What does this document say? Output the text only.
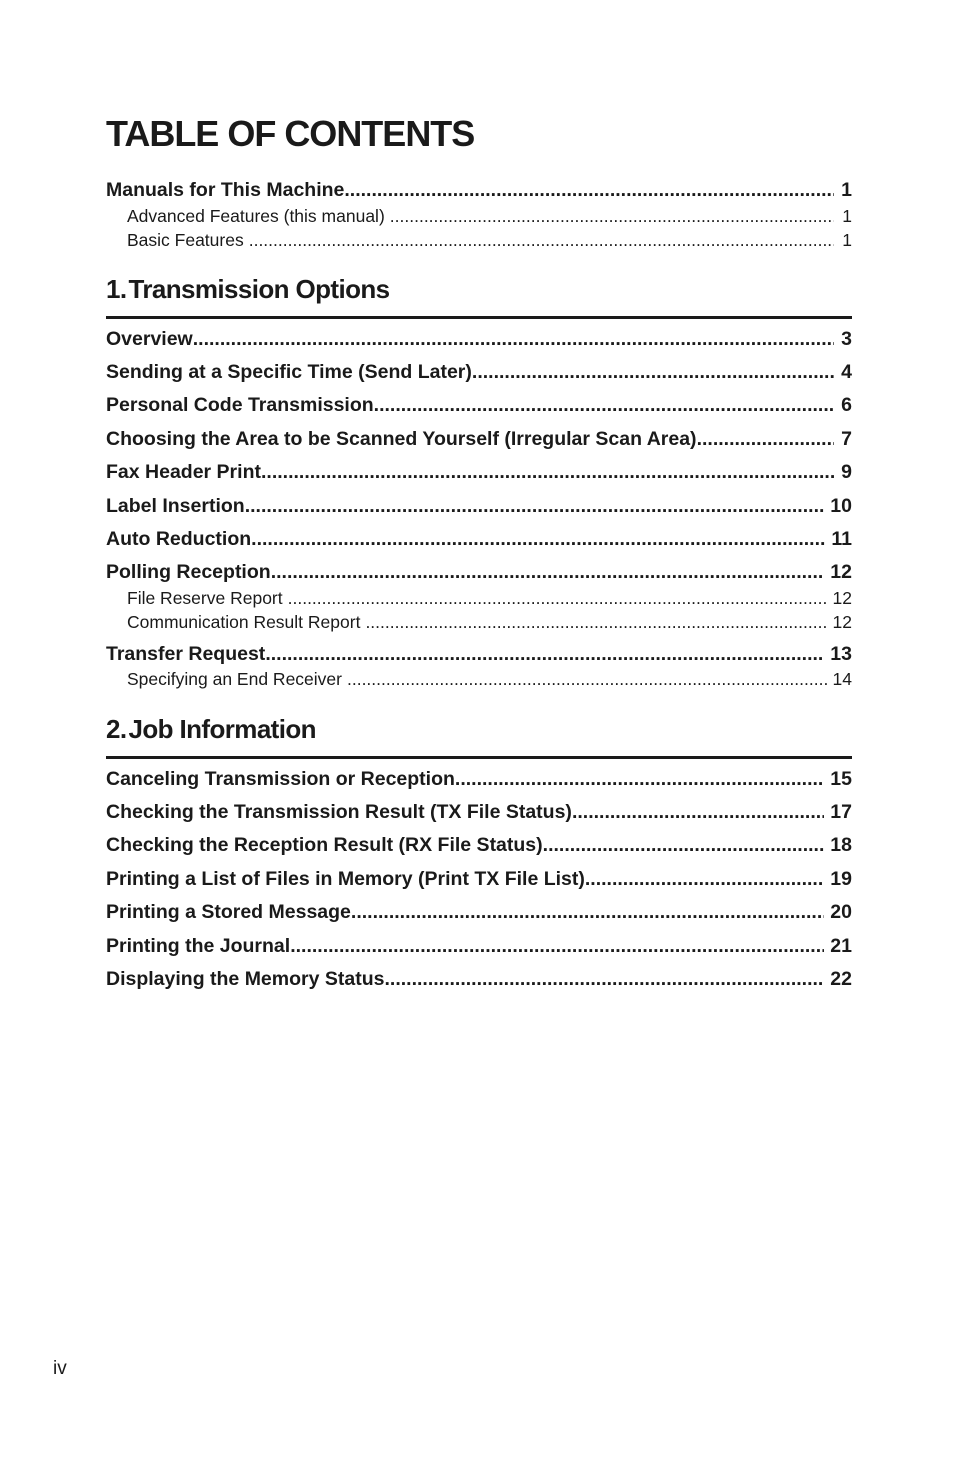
TABLE OF CONTENTS
Manuals for This Machine .....	1
Advanced Features (this manual) .....	1
Basic Features .....	1
1.Transmission Options
Overview .....	3
Sending at a Specific Time (Send Later) .....	4
Personal Code Transmission .....	6
Choosing the Area to be Scanned Yourself (Irregular Scan Area) .....	7
Fax Header Print .....	9
Label Insertion .....	10
Auto Reduction .....	11
Polling Reception .....	12
File Reserve Report .....	12
Communication Result Report .....	12
Transfer Request .....	13
Specifying an End Receiver .....	14
2.Job Information
Canceling Transmission or Reception .....	15
Checking the Transmission Result (TX File Status) .....	17
Checking the Reception Result (RX File Status) .....	18
Printing a List of Files in Memory (Print TX File List) .....	19
Printing a Stored Message .....	20
Printing the Journal .....	21
Displaying the Memory Status .....	22
iv
